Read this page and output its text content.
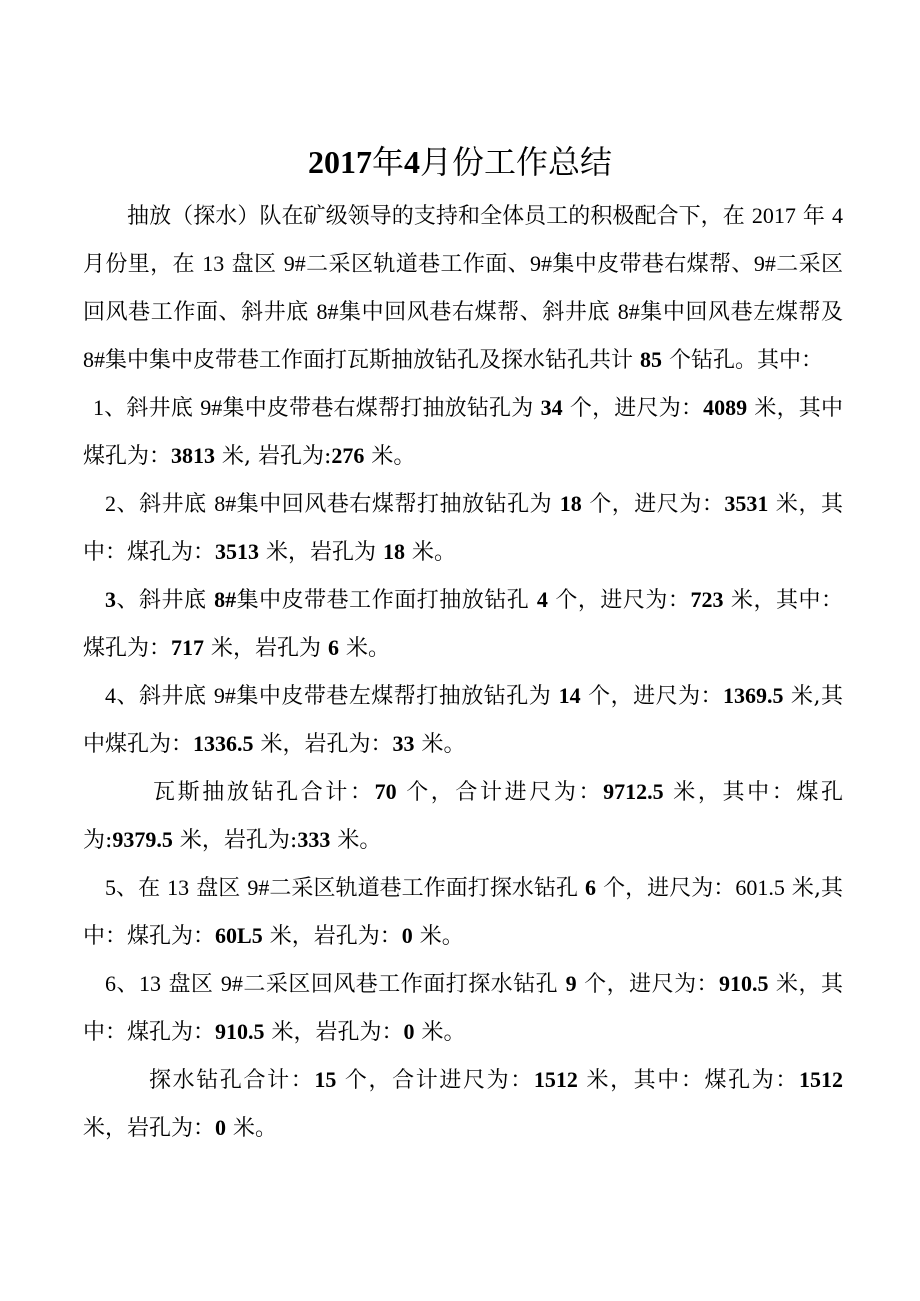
2017年4月份工作总结

抽放（探水）队在矿级领导的支持和全体员工的积极配合下，在 2017 年 4 月份里，在 13 盘区 9#二采区轨道巷工作面、9#集中皮带巷右煤帮、9#二采区回风巷工作面、斜井底 8#集中回风巷右煤帮、斜井底 8#集中回风巷左煤帮及 8#集中集中皮带巷工作面打瓦斯抽放钻孔及探水钻孔共计 85 个钻孔。其中：

1、斜井底 9#集中皮带巷右煤帮打抽放钻孔为 34 个，进尺为：4089 米，其中煤孔为：3813 米, 岩孔为:276 米。

2、斜井底 8#集中回风巷右煤帮打抽放钻孔为 18 个，进尺为：3531 米，其中：煤孔为：3513 米，岩孔为 18 米。

3、斜井底 8#集中皮带巷工作面打抽放钻孔 4 个，进尺为：723 米，其中：煤孔为：717 米，岩孔为 6 米。

4、斜井底 9#集中皮带巷左煤帮打抽放钻孔为 14 个，进尺为：1369.5 米,其中煤孔为：1336.5 米，岩孔为：33 米。

瓦斯抽放钻孔合计：70 个，合计进尺为：9712.5 米，其中：煤孔为:9379.5 米，岩孔为:333 米。

5、在 13 盘区 9#二采区轨道巷工作面打探水钻孔 6 个，进尺为：601.5 米,其中：煤孔为：60L5 米，岩孔为：0 米。

6、13 盘区 9#二采区回风巷工作面打探水钻孔 9 个，进尺为：910.5 米，其中：煤孔为：910.5 米，岩孔为：0 米。

探水钻孔合计：15 个，合计进尺为：1512 米，其中：煤孔为：1512 米，岩孔为：0 米。
